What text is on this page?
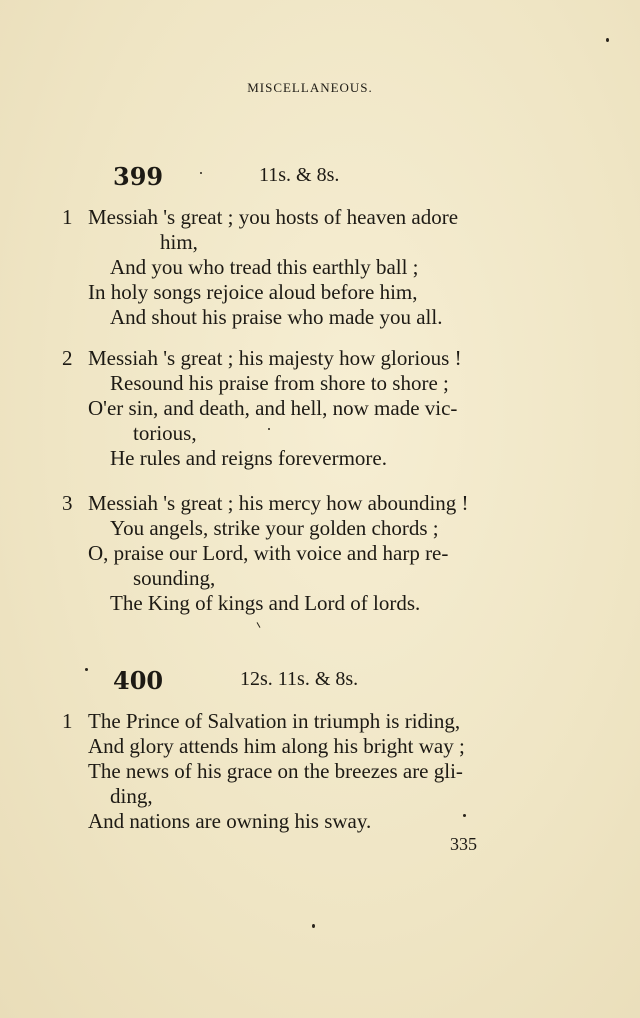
MISCELLANEOUS.
399	11s. & 8s.
1 Messiah 's great ; you hosts of heaven adore
him,
And you who tread this earthly ball ;
In holy songs rejoice aloud before him,
And shout his praise who made you all.
2 Messiah 's great ; his majesty how glorious !
Resound his praise from shore to shore ;
O'er sin, and death, and hell, now made vic-
torious,
He rules and reigns forevermore.
3 Messiah 's great ; his mercy how abounding !
You angels, strike your golden chords ;
O, praise our Lord, with voice and harp re-
sounding,
The King of kings and Lord of lords.
400	12s. 11s. & 8s.
1 The Prince of Salvation in triumph is riding,
And glory attends him along his bright way ;
The news of his grace on the breezes are gli-
ding,
And nations are owning his sway.
335
